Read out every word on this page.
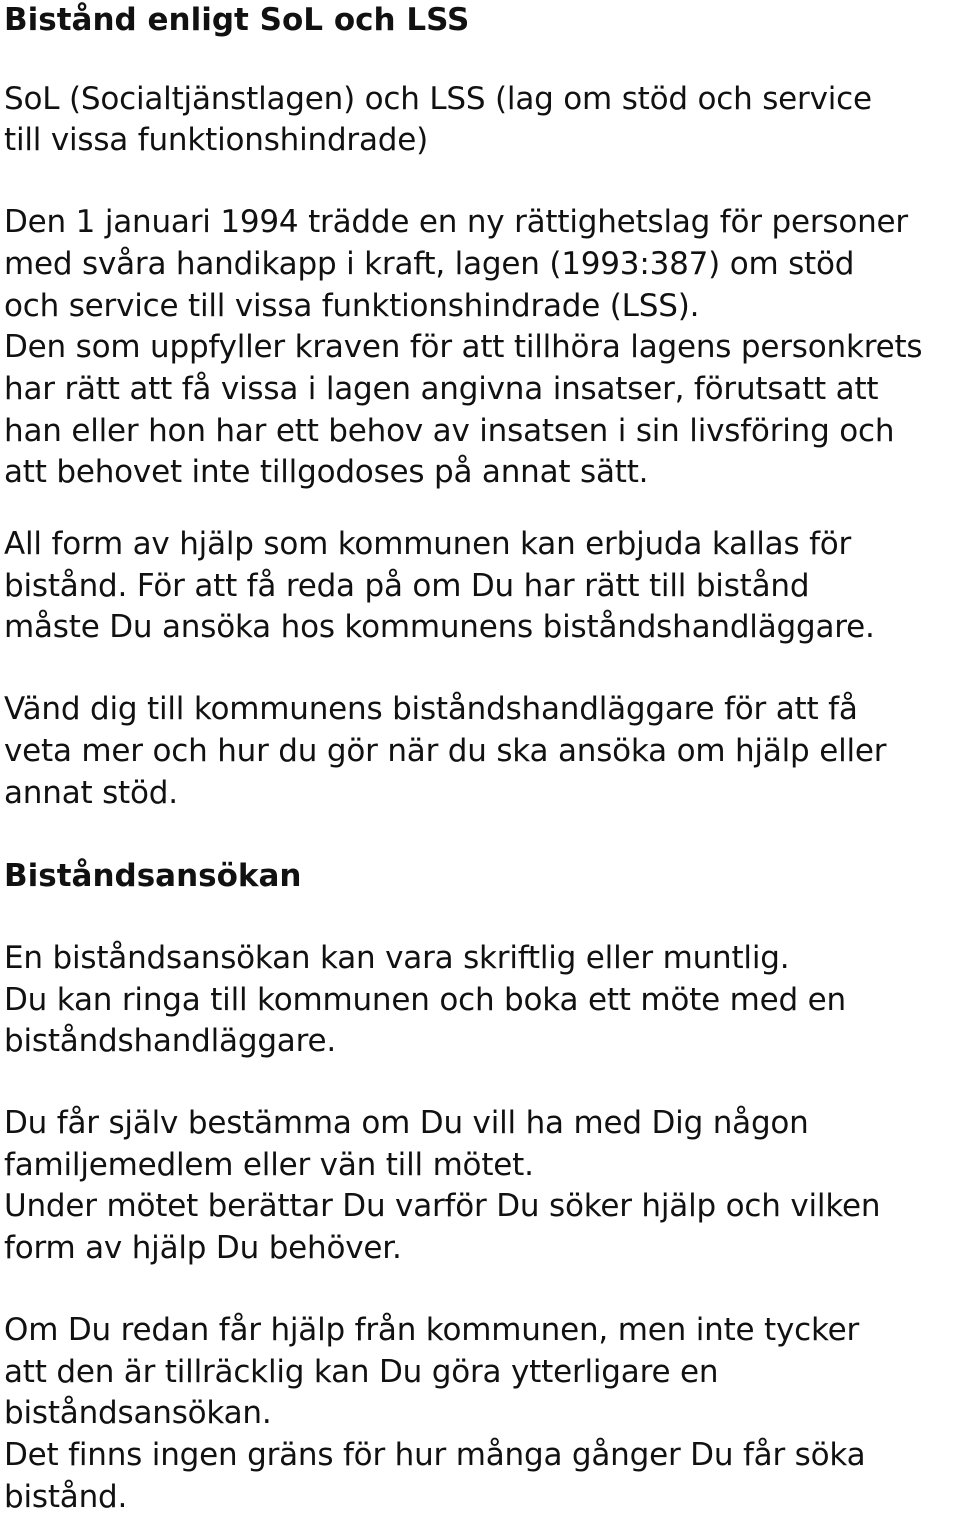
Bistånd enligt SoL och LSS
SoL (Socialtjänstlagen) och LSS (lag om stöd och service
till vissa funktionshindrade)
Den 1 januari 1994 trädde en ny rättighetslag för personer
med svåra handikapp i kraft, lagen (1993:387) om stöd
och service till vissa funktionshindrade (LSS).
Den som uppfyller kraven för att tillhöra lagens personkrets
har rätt att få vissa i lagen angivna insatser, förutsatt att
han eller hon har ett behov av insatsen i sin livsföring och
att behovet inte tillgodoses på annat sätt.
All form av hjälp som kommunen kan erbjuda kallas för
bistånd. För att få reda på om Du har rätt till bistånd
måste Du ansöka hos kommunens biståndshandläggare.
Vänd dig till kommunens biståndshandläggare för att få
veta mer och hur du gör när du ska ansöka om hjälp eller
annat stöd.
Biståndsansökan
En biståndsansökan kan vara skriftlig eller muntlig.
Du kan ringa till kommunen och boka ett möte med en
biståndshandläggare.
Du får själv bestämma om Du vill ha med Dig någon
familjemedlem eller vän till mötet.
Under mötet berättar Du varför Du söker hjälp och vilken
form av hjälp Du behöver.
Om Du redan får hjälp från kommunen, men inte tycker
att den är tillräcklig kan Du göra ytterligare en
biståndsansökan.
Det finns ingen gräns för hur många gånger Du får söka
bistånd.
